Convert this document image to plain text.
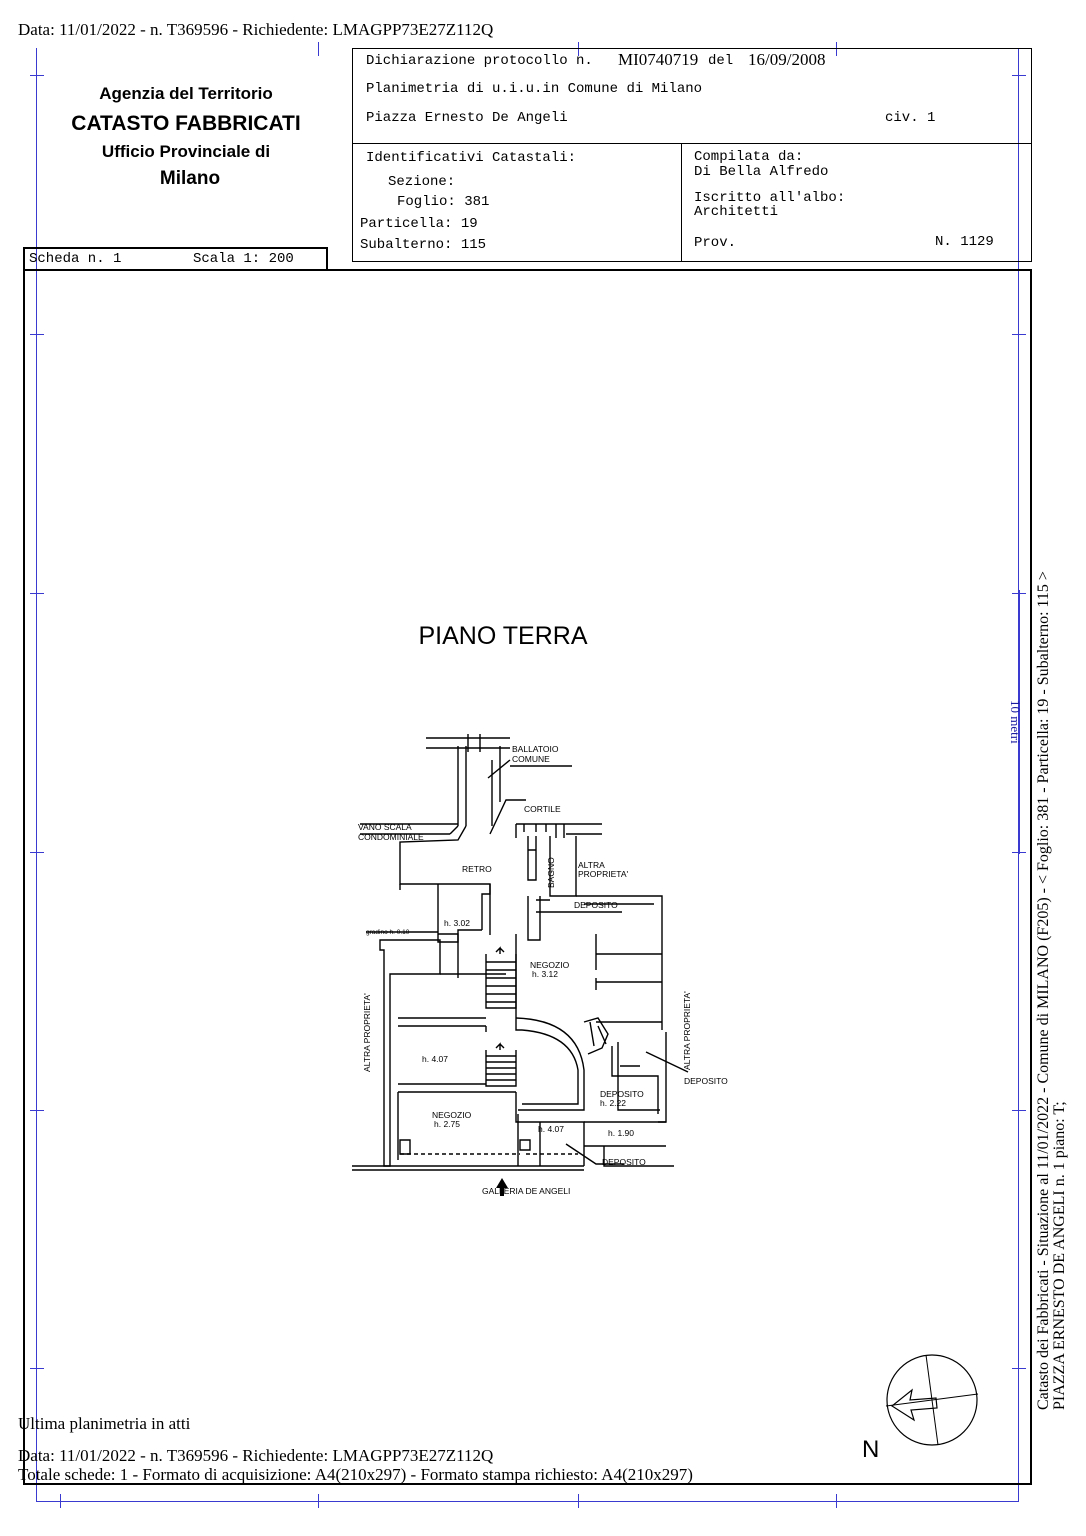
Data: 11/01/2022 - n. T369596 - Richiedente: LMAGPP73E27Z112Q
Agenzia del Territorio
CATASTO FABBRICATI
Ufficio Provinciale di
Milano
Scheda n. 1	Scala 1: 200
Dichiarazione protocollo n. MI0740719 del 16/09/2008
Planimetria di u.i.u.in Comune di Milano
Piazza Ernesto De Angeli	civ. 1
Identificativi Catastali:
Sezione:
Foglio: 381
Particella: 19
Subalterno: 115
Compilata da:
Di Bella Alfredo
Iscritto all'albo:
Architetti
Prov.	N. 1129
PIANO TERRA
BALLATOIO
COMUNE
CORTILE
VANO SCALA
CONDOMINIALE
RETRO	BAGNO	ALTRA
PROPRIETA'
DEPOSITO
h. 3.02
gradino h. 0.10
NEGOZIO
h. 3.12
ALTRA PROPRIETA'	ALTRA PROPRIETA'
h. 4.07
DEPOSITO
DEPOSITO
h. 2.22
NEGOZIO
h. 2.75	h. 4.07	h. 1.90
DEPOSITO
GALLERIA DE ANGELI
10 metri Catasto dei Fabbricati - Situazione al 11/01/2022 - Comune di MILANO (F205) - < Foglio: 381 - Particella: 19 - Subalterno: 115 > PIAZZA ERNESTO DE ANGELI n. 1 piano: T;
N
Ultima planimetria in atti
Data: 11/01/2022 - n. T369596 - Richiedente: LMAGPP73E27Z112Q
Totale schede: 1 - Formato di acquisizione: A4(210x297) - Formato stampa richiesto: A4(210x297)
